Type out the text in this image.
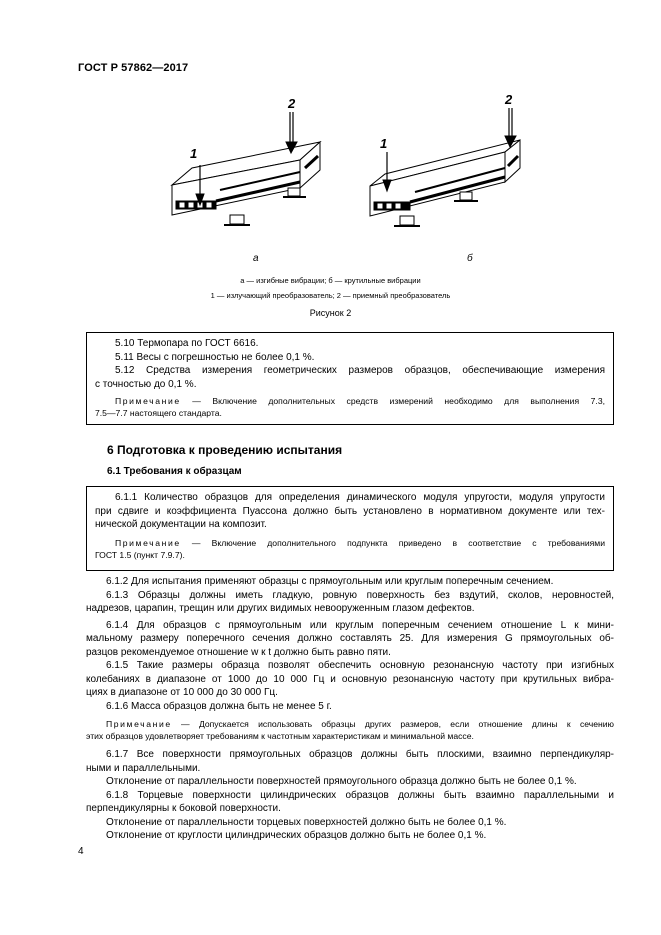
ГОСТ Р 57862—2017
1
2
1
2
а	б
а — изгибные вибрации; б — крутильные вибрации
1 — излучающий преобразователь; 2 — приемный преобразователь
Рисунок 2
5.10 Термопара по ГОСТ 6616.
5.11 Весы с погрешностью не более 0,1 %.
5.12 Средства измерения геометрических размеров образцов, обеспечивающие измерения
с точностью до 0,1 %.
Примечание — Включение дополнительных средств измерений необходимо для выполнения 7.3,
7.5—7.7 настоящего стандарта.
6 Подготовка к проведению испытания
6.1 Требования к образцам
6.1.1 Количество образцов для определения динамического модуля упругости, модуля упругости
при сдвиге и коэффициента Пуассона должно быть установлено в нормативном документе или тех-
нической документации на композит.
Примечание — Включение дополнительного подпункта приведено в соответствие с требованиями
ГОСТ 1.5 (пункт 7.9.7).
6.1.2 Для испытания применяют образцы с прямоугольным или круглым поперечным сечением.
6.1.3 Образцы должны иметь гладкую, ровную поверхность без вздутий, сколов, неровностей,
надрезов, царапин, трещин или других видимых невооруженным глазом дефектов.
6.1.4 Для образцов с прямоугольным или круглым поперечным сечением отношение L к мини-
мальному размеру поперечного сечения должно составлять 25. Для измерения G прямоугольных об-
разцов рекомендуемое отношение w к t должно быть равно пяти.
6.1.5 Такие размеры образца позволят обеспечить основную резонансную частоту при изгибных
колебаниях в диапазоне от 1000 до 10 000 Гц и основную резонансную частоту при крутильных вибра-
циях в диапазоне от 10 000 до 30 000 Гц.
6.1.6 Масса образцов должна быть не менее 5 г.
Примечание — Допускается использовать образцы других размеров, если отношение длины к сечению
этих образцов удовлетворяет требованиям к частотным характеристикам и минимальной массе.
6.1.7 Все поверхности прямоугольных образцов должны быть плоскими, взаимно перпендикуляр-
ными и параллельными.
Отклонение от параллельности поверхностей прямоугольного образца должно быть не более 0,1 %.
6.1.8 Торцевые поверхности цилиндрических образцов должны быть взаимно параллельными и
перпендикулярны к боковой поверхности.
Отклонение от параллельности торцевых поверхностей должно быть не более 0,1 %.
Отклонение от круглости цилиндрических образцов должно быть не более 0,1 %.
4
